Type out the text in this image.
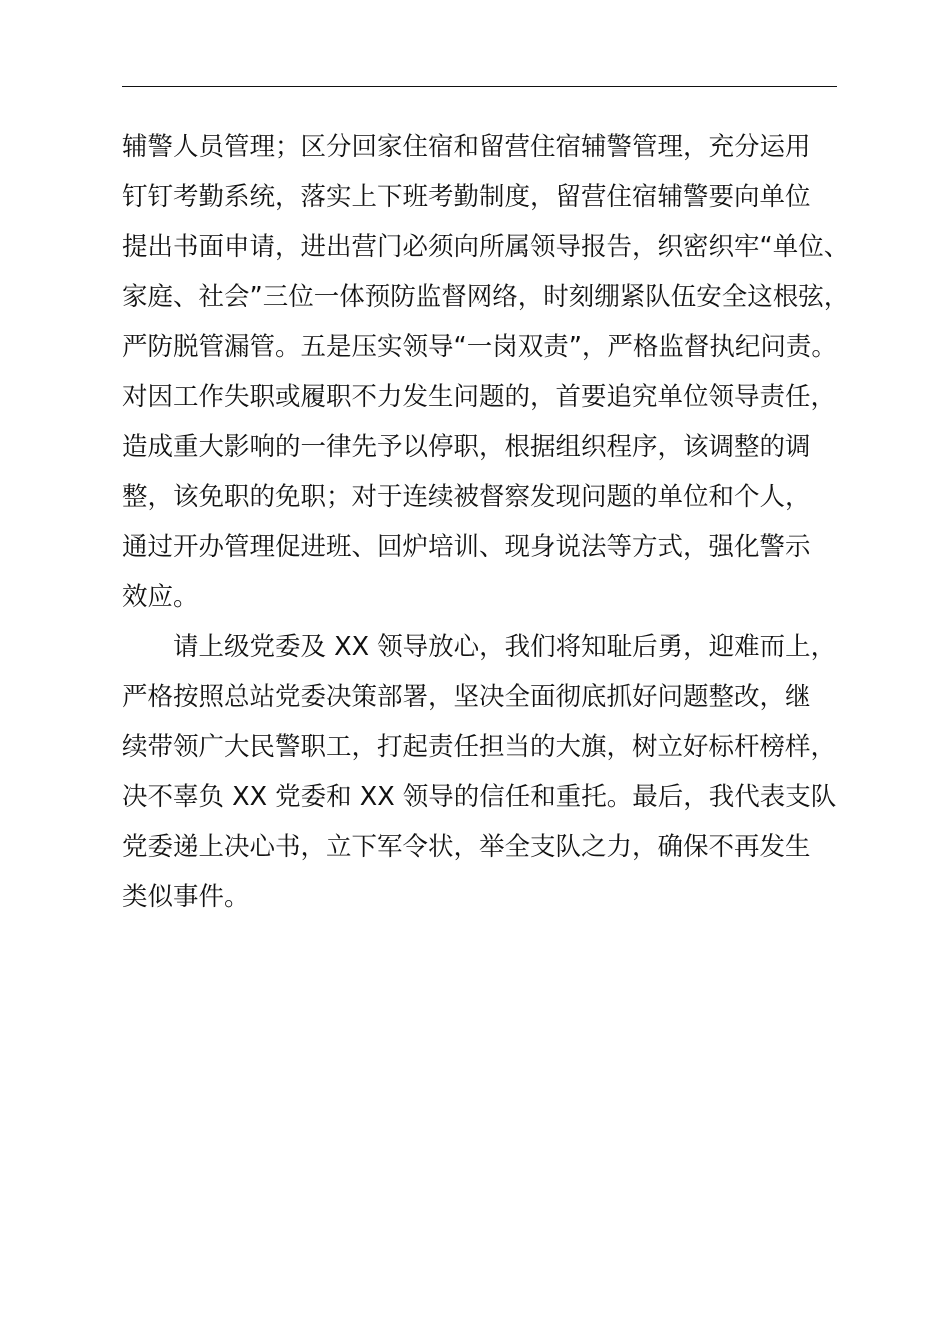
辅警人员管理；区分回家住宿和留营住宿辅警管理，充分运用
钉钉考勤系统，落实上下班考勤制度，留营住宿辅警要向单位
提出书面申请，进出营门必须向所属领导报告，织密织牢“单位、
家庭、社会”三位一体预防监督网络，时刻绷紧队伍安全这根弦，
严防脱管漏管。五是压实领导“一岗双责”，严格监督执纪问责。
对因工作失职或履职不力发生问题的，首要追究单位领导责任，
造成重大影响的一律先予以停职，根据组织程序，该调整的调
整，该免职的免职；对于连续被督察发现问题的单位和个人，
通过开办管理促进班、回炉培训、现身说法等方式，强化警示
效应。
请上级党委及 XX 领导放心，我们将知耻后勇，迎难而上，
严格按照总站党委决策部署，坚决全面彻底抓好问题整改，继
续带领广大民警职工，打起责任担当的大旗，树立好标杆榜样，
决不辜负 XX 党委和 XX 领导的信任和重托。最后，我代表支队
党委递上决心书，立下军令状，举全支队之力，确保不再发生
类似事件。
